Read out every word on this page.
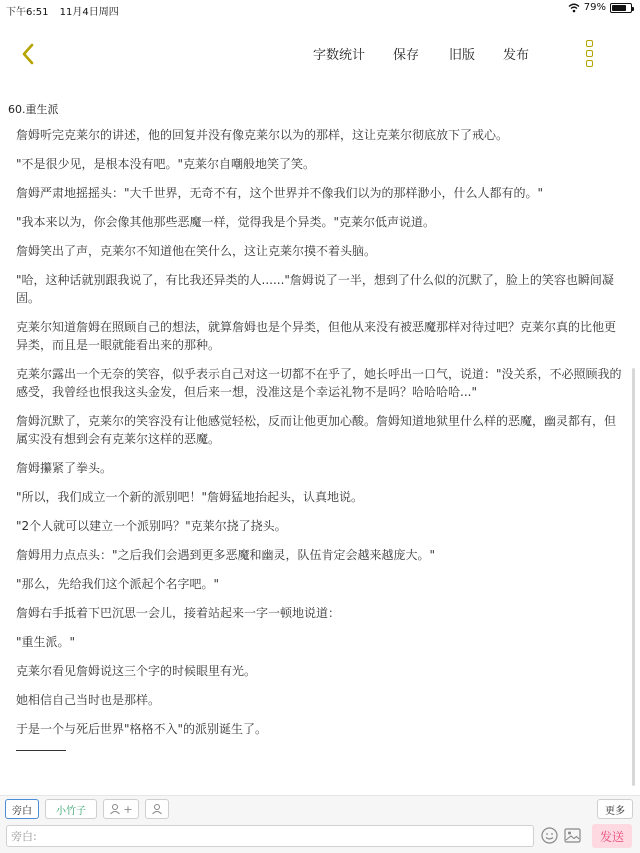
下午6:51 11月4日周四	79%
字数统计 保存 旧版 发布
60.重生派

詹姆听完克莱尔的讲述，他的回复并没有像克莱尔以为的那样，这让克莱尔彻底放下了戒心。

"不是很少见，是根本没有吧。"克莱尔自嘲般地笑了笑。

詹姆严肃地摇摇头："大千世界，无奇不有，这个世界并不像我们以为的那样渺小，什么人都有的。"

"我本来以为，你会像其他那些恶魔一样，觉得我是个异类。"克莱尔低声说道。

詹姆笑出了声，克莱尔不知道他在笑什么，这让克莱尔摸不着头脑。

"哈，这种话就别跟我说了，有比我还异类的人......"詹姆说了一半，想到了什么似的沉默了，脸上的笑容也瞬间凝固。

克莱尔知道詹姆在照顾自己的想法，就算詹姆也是个异类，但他从来没有被恶魔那样对待过吧？克莱尔真的比他更异类，而且是一眼就能看出来的那种。

克莱尔露出一个无奈的笑容，似乎表示自己对这一切都不在乎了，她长呼出一口气，说道："没关系，不必照顾我的感受，我曾经也恨我这头金发，但后来一想，没准这是个幸运礼物不是吗？哈哈哈哈..."

詹姆沉默了，克莱尔的笑容没有让他感觉轻松，反而让他更加心酸。詹姆知道地狱里什么样的恶魔，幽灵都有，但属实没有想到会有克莱尔这样的恶魔。

詹姆攥紧了拳头。

"所以，我们成立一个新的派别吧！"詹姆猛地抬起头，认真地说。

"2个人就可以建立一个派别吗？"克莱尔挠了挠头。

詹姆用力点点头："之后我们会遇到更多恶魔和幽灵，队伍肯定会越来越庞大。"

"那么，先给我们这个派起个名字吧。"

詹姆右手抵着下巴沉思一会儿，接着站起来一字一顿地说道：

"重生派。"

克莱尔看见詹姆说这三个字的时候眼里有光。

她相信自己当时也是那样。

于是一个与死后世界"格格不入"的派别诞生了。

旁白 小竹子	+	更多
旁白:
发送
